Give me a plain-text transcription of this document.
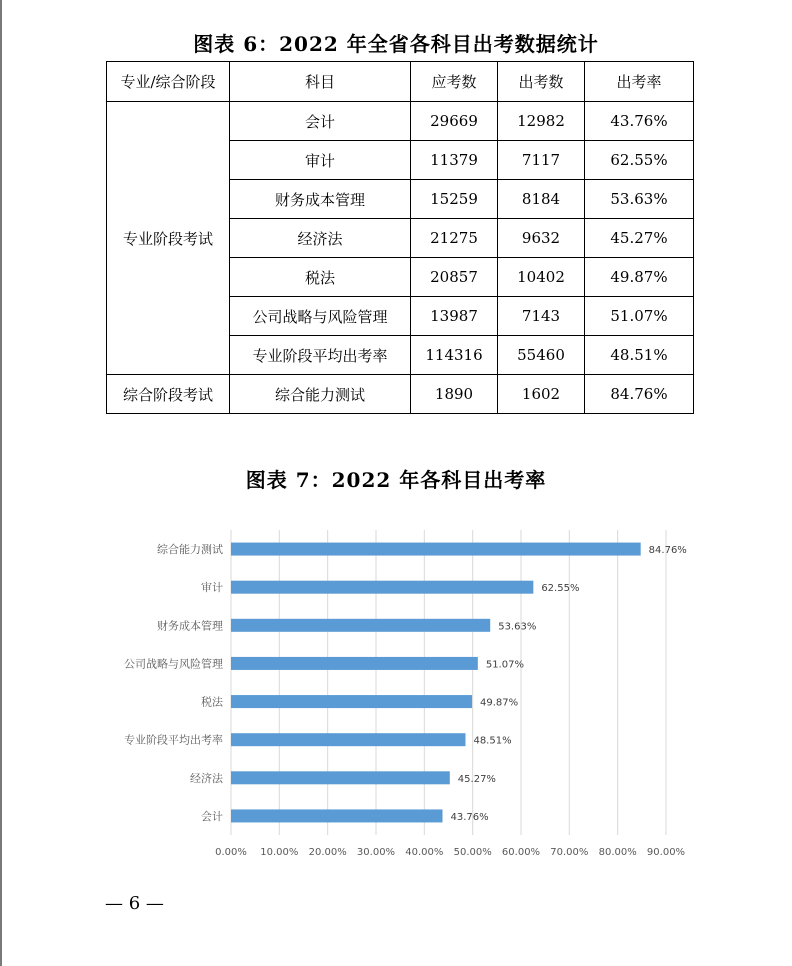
图表 6：2022 年全省各科目出考数据统计
专业/综合阶段	科目	应考数	出考数	出考率
专业阶段考试	会计	29669	12982	43.76%
	审计	11379	7117	62.55%
	财务成本管理	15259	8184	53.63%
	经济法	21275	9632	45.27%
	税法	20857	10402	49.87%
	公司战略与风险管理	13987	7143	51.07%
	专业阶段平均出考率	114316	55460	48.51%
综合阶段考试	综合能力测试	1890	1602	84.76%
图表 7：2022 年各科目出考率
0.00% 10.00% 20.00% 30.00% 40.00% 50.00% 60.00% 70.00% 80.00% 90.00%
综合能力测试	84.76%
审计	62.55%
财务成本管理	53.63%
公司战略与风险管理	51.07%
税法	49.87%
专业阶段平均出考率	48.51%
经济法	45.27%
会计	43.76%
— 6 —
